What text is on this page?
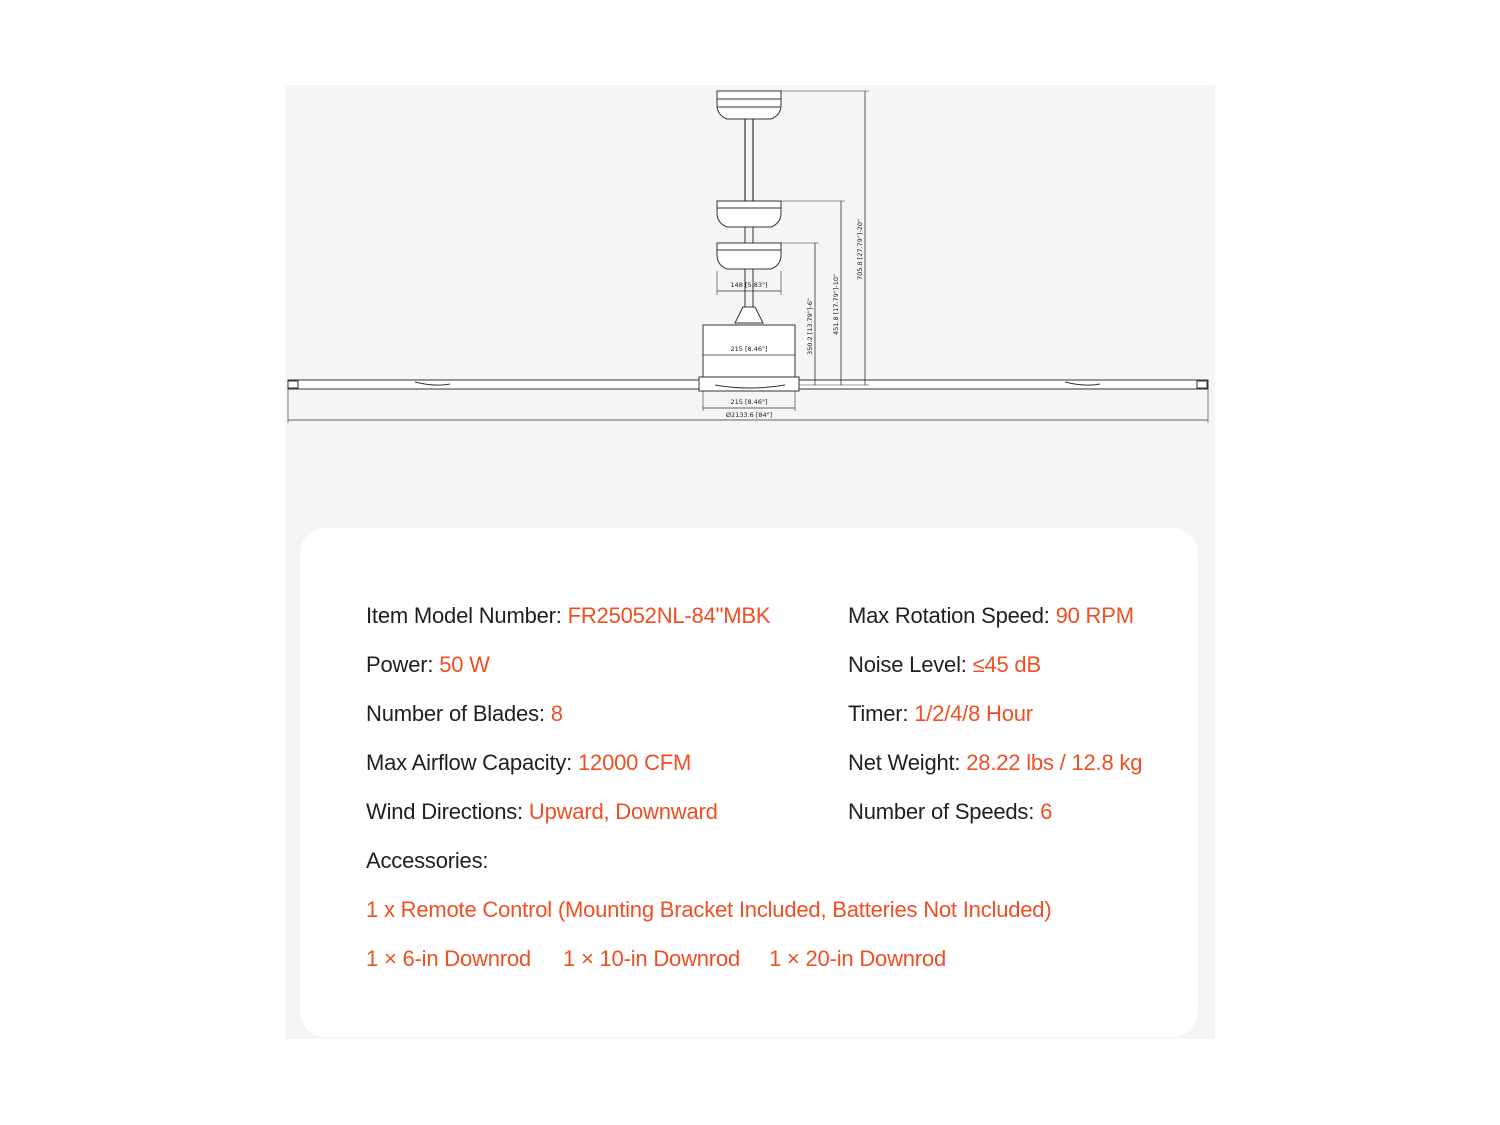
148 [5.83"]
215 [8.46"]
215 [8.46"]
Ø2133.6 [84"]
350.2 [13.79"]-6"	451.8 [17.79"]-10"
705.8 [27.79"]-20"
Item Model Number: FR25052NL-84"MBK
Power: 50 W
Number of Blades: 8
Max Airflow Capacity: 12000 CFM
Wind Directions: Upward, Downward
Max Rotation Speed: 90 RPM
Noise Level: ≤45 dB
Timer: 1/2/4/8 Hour
Net Weight: 28.22 lbs / 12.8 kg
Number of Speeds: 6
Accessories:
1 x Remote Control (Mounting Bracket Included, Batteries Not Included)
1 × 6-in Downrod 1 × 10-in Downrod 1 × 20-in Downrod
